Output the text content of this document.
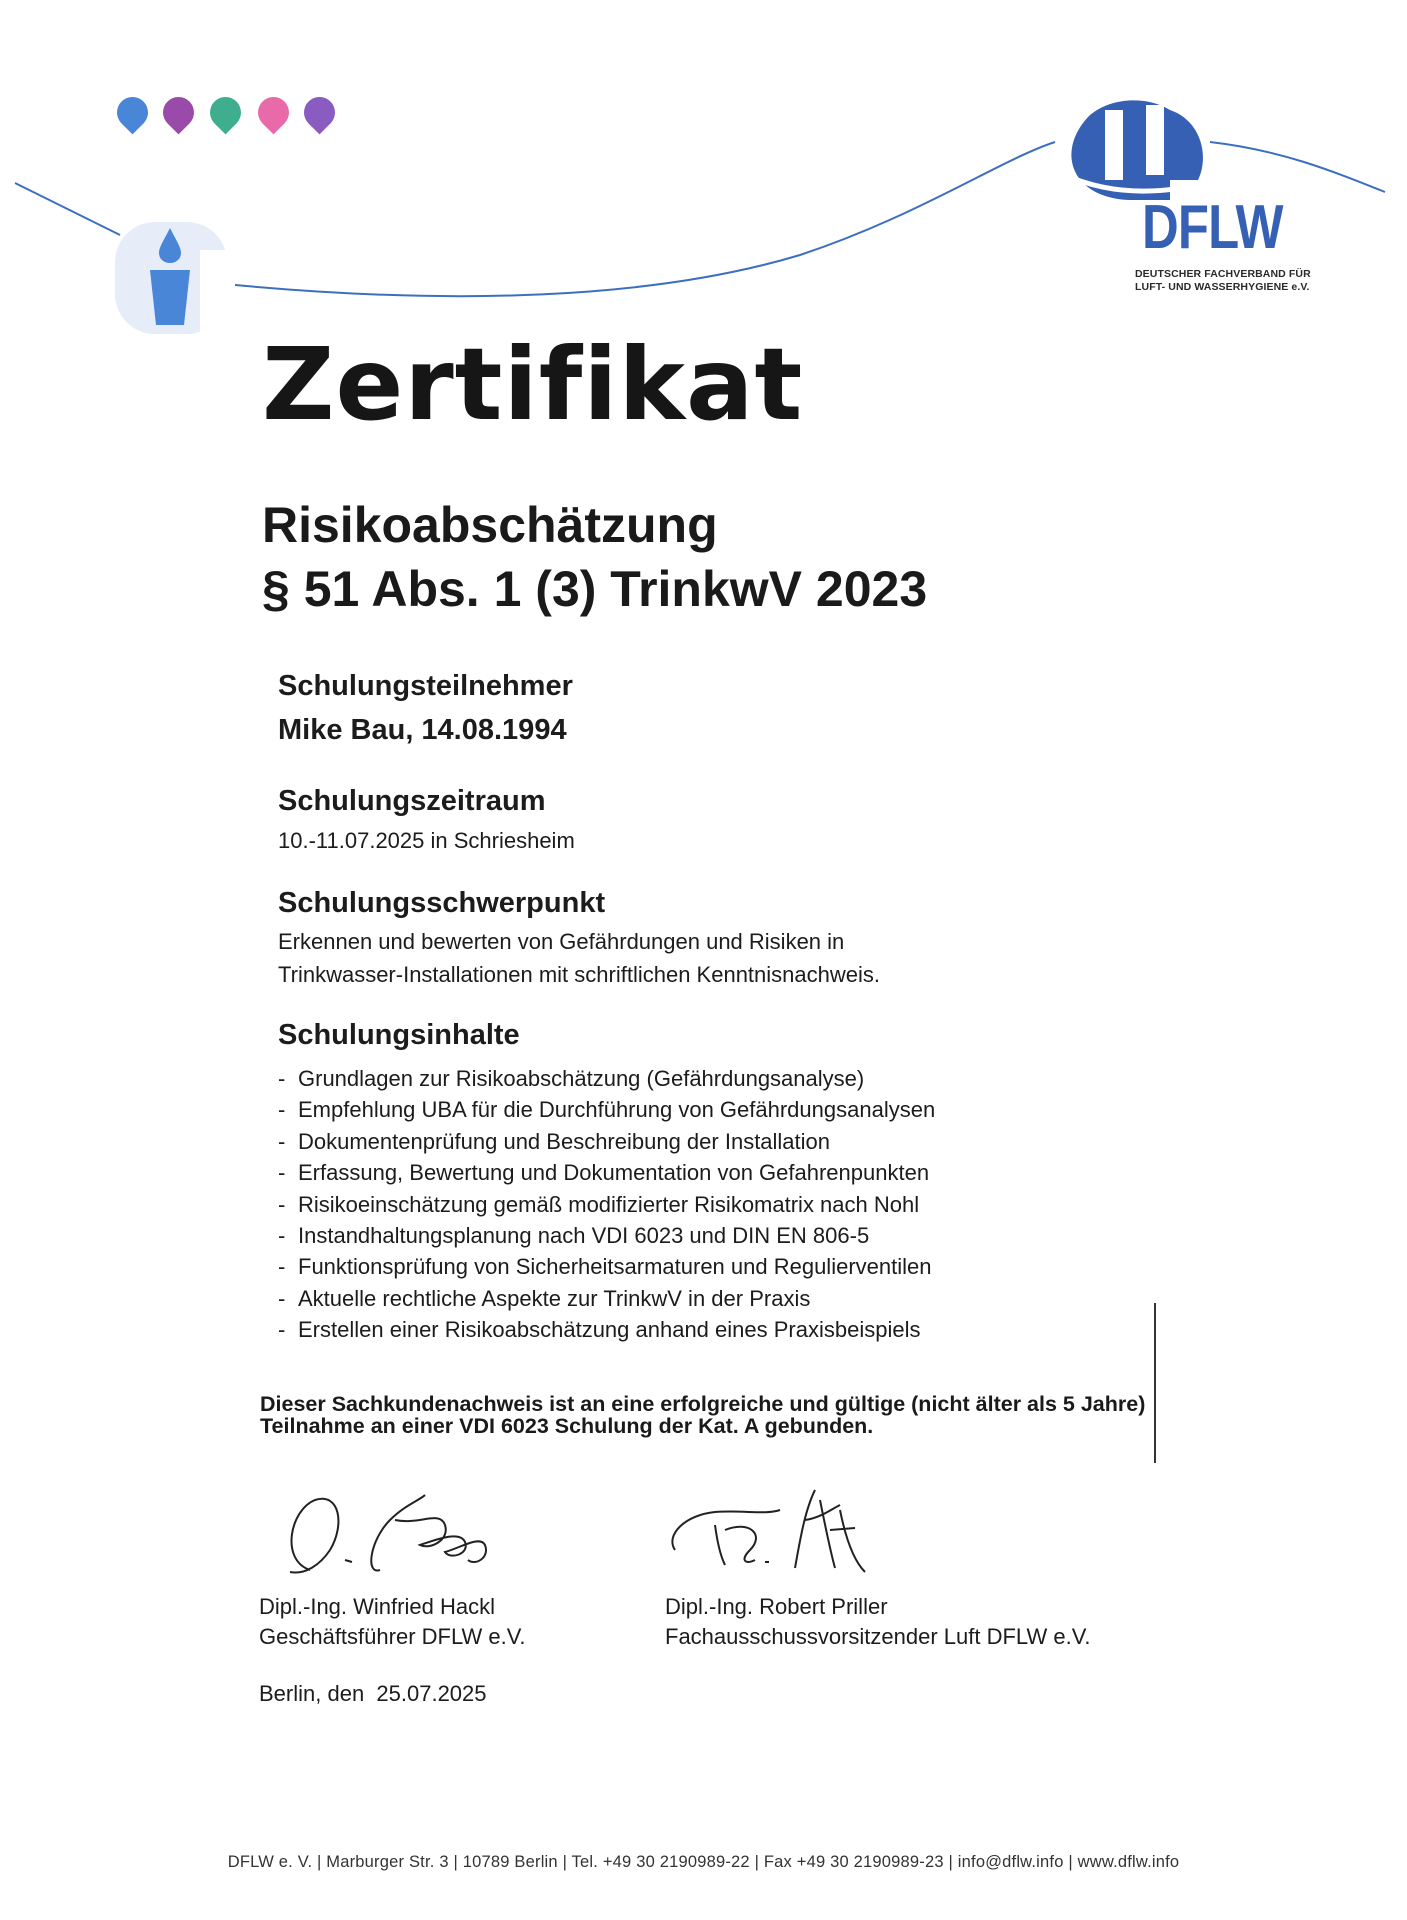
DFLW
DEUTSCHER FACHVERBAND FÜR
LUFT- UND WASSERHYGIENE e.V.
Zertifikat
Risikoabschätzung
§ 51 Abs. 1 (3) TrinkwV 2023
Schulungsteilnehmer
Mike Bau, 14.08.1994
Schulungszeitraum
10.-11.07.2025 in Schriesheim
Schulungsschwerpunkt
Erkennen und bewerten von Gefährdungen und Risiken in
Trinkwasser-Installationen mit schriftlichen Kenntnisnachweis.
Schulungsinhalte
- Grundlagen zur Risikoabschätzung (Gefährdungsanalyse)
- Empfehlung UBA für die Durchführung von Gefährdungsanalysen
- Dokumentenprüfung und Beschreibung der Installation
- Erfassung, Bewertung und Dokumentation von Gefahrenpunkten
- Risikoeinschätzung gemäß modifizierter Risikomatrix nach Nohl
- Instandhaltungsplanung nach VDI 6023 und DIN EN 806-5
- Funktionsprüfung von Sicherheitsarmaturen und Regulierventilen
- Aktuelle rechtliche Aspekte zur TrinkwV in der Praxis
- Erstellen einer Risikoabschätzung anhand eines Praxisbeispiels
Dieser Sachkundenachweis ist an eine erfolgreiche und gültige (nicht älter als 5 Jahre)
Teilnahme an einer VDI 6023 Schulung der Kat. A gebunden.
Dipl.-Ing. Winfried Hackl
Geschäftsführer DFLW e.V.
Dipl.-Ing. Robert Priller
Fachausschussvorsitzender Luft DFLW e.V.
Berlin, den  25.07.2025
DFLW e. V. | Marburger Str. 3 | 10789 Berlin | Tel. +49 30 2190989-22 | Fax +49 30 2190989-23 | info@dflw.info | www.dflw.info
